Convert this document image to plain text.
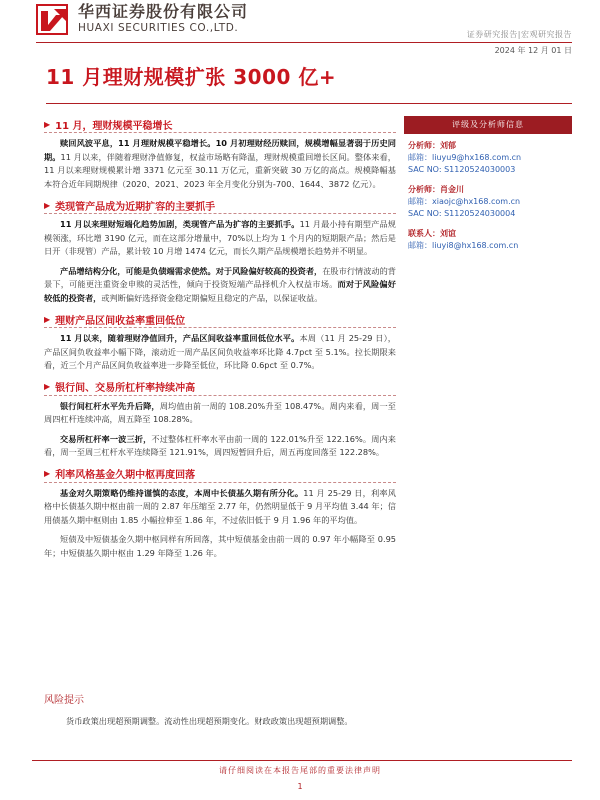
华西证券股份有限公司
HUAXI SECURITIES CO.,LTD.
证券研究报告|宏观研究报告
2024 年 12 月 01 日
11 月理财规模扩张 3000 亿+
▶ 11 月，理财规模平稳增长

赎回风波平息，11 月理财规模平稳增长。10 月初理财经历赎回，规模增幅显著弱于历史同期。11 月以来，伴随着理财净值修复，权益市场略有降温，理财规模重回增长区间。整体来看，11 月以来理财规模累计增 3371 亿元至 30.11 万亿元，重新突破 30 万亿的高点。规模降幅基本符合近年同期规律（2020、2021、2023 年全月变化分别为-700、1644、3872 亿元）。

▶ 类现管产品成为近期扩容的主要抓手

11 月以来理财短端化趋势加剧，类现管产品为扩容的主要抓手。11 月最小持有期型产品规模领涨，环比增 3190 亿元，而在这部分增量中，70%以上均为 1 个月内的短期限产品；然后是日开（非现管）产品，累计较 10 月增 1474 亿元，而长久期产品规模增长趋势并不明显。

产品增结构分化，可能是负债端需求使然。对于风险偏好较高的投资者，在股市行情波动的背景下，可能更注重资金申赎的灵活性，倾向于投资短端产品择机介入权益市场。而对于风险偏好较低的投资者，或判断偏好选择资金稳定期偏短且稳定的产品，以保证收益。

▶ 理财产品区间收益率重回低位

11 月以来，随着理财净值回升，产品区间收益率重回低位水平。本周（11 月 25-29 日），产品区间负收益率小幅下降，滚动近一周产品区间负收益率环比降 4.7pct 至 5.1%。拉长期限来看，近三个月产品区间负收益率进一步降至低位，环比降 0.6pct 至 0.7%。

▶ 银行间、交易所杠杆率持续冲高

银行间杠杆水平先升后降，周均值由前一周的 108.20%升至 108.47%。周内来看，周一至周四杠杆连续冲高，周五降至 108.28%。

交易所杠杆率一波三折，不过整体杠杆率水平由前一周的 122.01%升至 122.16%。周内来看，周一至周三杠杆水平连续降至 121.91%，周四短暂回升后，周五再度回落至 122.28%。

▶ 利率风格基金久期中枢再度回落

基金对久期策略仍维持谨慎的态度，本周中长债基久期有所分化。11 月 25-29 日，利率风格中长债基久期中枢由前一周的 2.87 年压缩至 2.77 年，仍然明显低于 9 月平均值 3.44 年；信用债基久期中枢则由 1.85 小幅拉伸至 1.86 年，不过依旧低于 9 月 1.96 年的平均值。

短债及中短债基金久期中枢同样有所回落，其中短债基金由前一周的 0.97 年小幅降至 0.95 年；中短债基久期中枢由 1.29 年降至 1.26 年。

评级及分析师信息
分析师：刘郁
邮箱：liuyu9@hx168.com.cn
SAC NO: S1120524030003
分析师：肖金川
邮箱：xiaojc@hx168.com.cn
SAC NO: S1120524030004
联系人：刘谊
邮箱：liuyi8@hx168.com.cn
风险提示

货币政策出现超预期调整。流动性出现超预期变化。财政政策出现超预期调整。

请仔细阅读在本报告尾部的重要法律声明
1
